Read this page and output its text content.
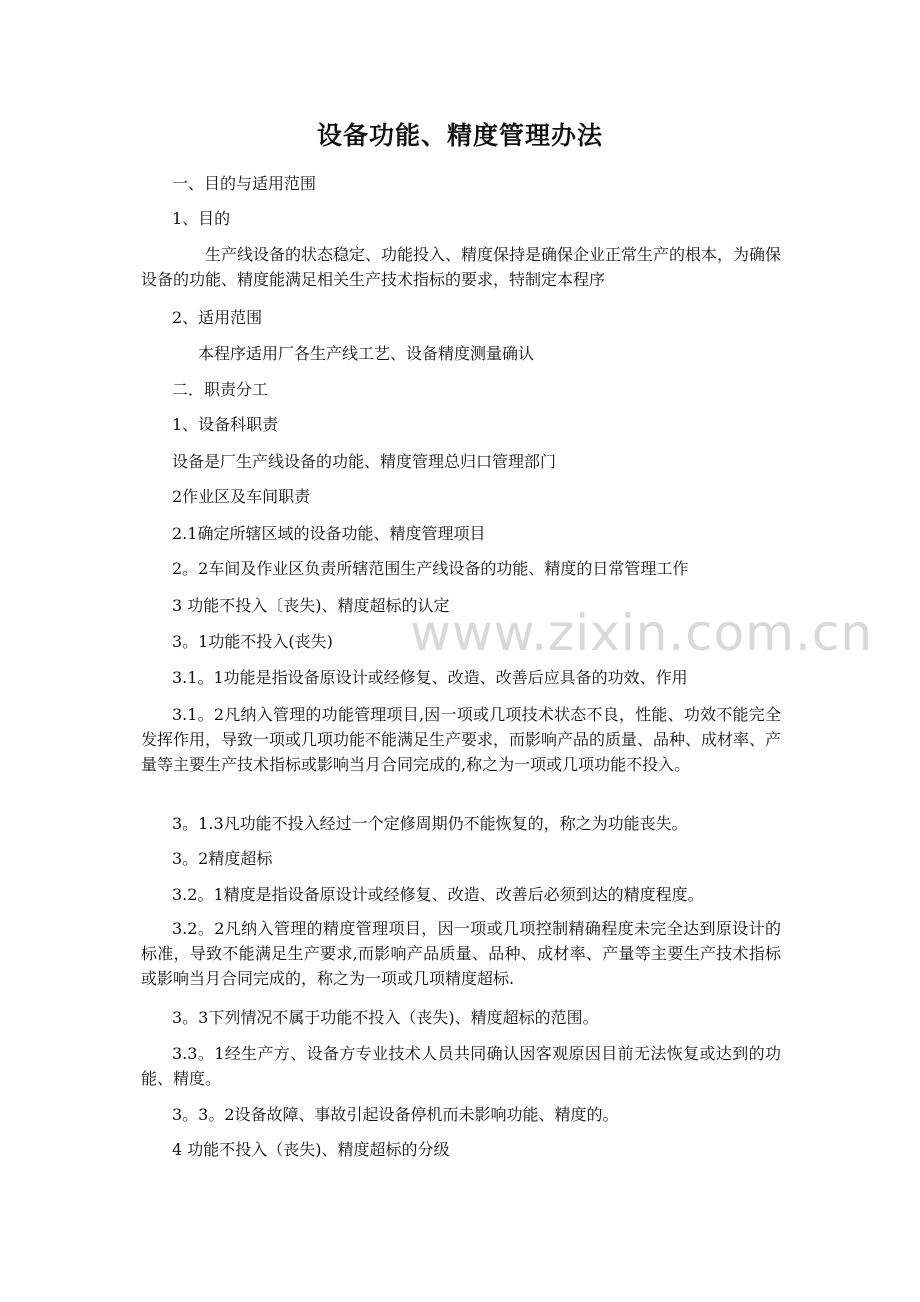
设备功能、精度管理办法
一、目的与适用范围
1、目的
生产线设备的状态稳定、功能投入、精度保持是确保企业正常生产的根本，为确保设备的功能、精度能满足相关生产技术指标的要求，特制定本程序
2、适用范围
本程序适用厂各生产线工艺、设备精度测量确认
二．职责分工
1、设备科职责
设备是厂生产线设备的功能、精度管理总归口管理部门
2作业区及车间职责
2.1确定所辖区域的设备功能、精度管理项目
2。2车间及作业区负责所辖范围生产线设备的功能、精度的日常管理工作
3 功能不投入〔丧失)、精度超标的认定
3。1功能不投入(丧失)
3.1。1功能是指设备原设计或经修复、改造、改善后应具备的功效、作用
3.1。2凡纳入管理的功能管理项目,因一项或几项技术状态不良，性能、功效不能完全发挥作用，导致一项或几项功能不能满足生产要求，而影响产品的质量、品种、成材率、产量等主要生产技术指标或影响当月合同完成的,称之为一项或几项功能不投入。
3。1.3凡功能不投入经过一个定修周期仍不能恢复的，称之为功能丧失。
3。2精度超标
3.2。1精度是指设备原设计或经修复、改造、改善后必须到达的精度程度。
3.2。2凡纳入管理的精度管理项目，因一项或几项控制精确程度未完全达到原设计的标准，导致不能满足生产要求,而影响产品质量、品种、成材率、产量等主要生产技术指标或影响当月合同完成的，称之为一项或几项精度超标.
3。3下列情况不属于功能不投入（丧失)、精度超标的范围。
3.3。1经生产方、设备方专业技术人员共同确认因客观原因目前无法恢复或达到的功能、精度。
3。3。2设备故障、事故引起设备停机而未影响功能、精度的。
4 功能不投入（丧失)、精度超标的分级
www.zixin.com.cn
